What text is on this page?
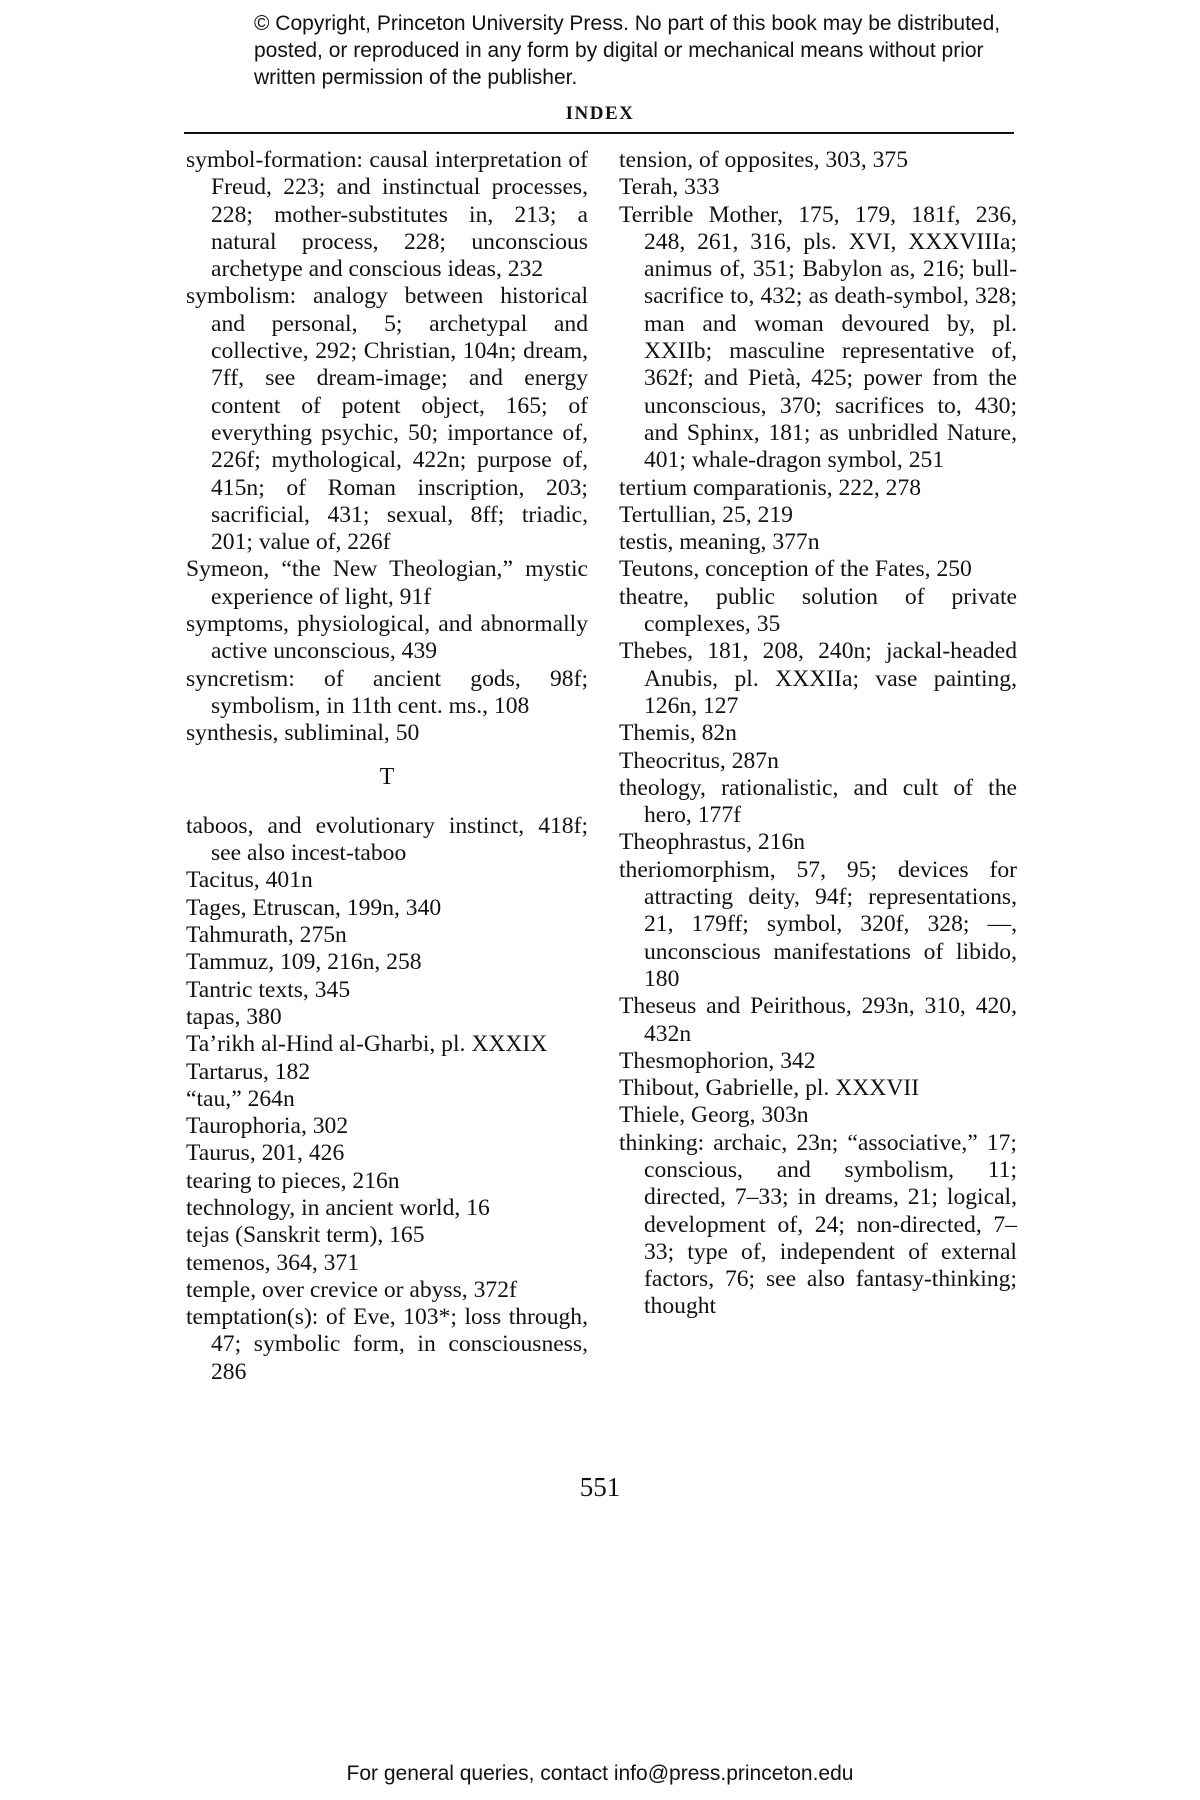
© Copyright, Princeton University Press. No part of this book may be distributed, posted, or reproduced in any form by digital or mechanical means without prior written permission of the publisher.
INDEX

symbol-formation: causal interpretation of Freud, 223; and instinctual processes, 228; mother-substitutes in, 213; a natural process, 228; unconscious archetype and conscious ideas, 232

symbolism: analogy between historical and personal, 5; archetypal and collective, 292; Christian, 104n; dream, 7ff, see dream-image; and energy content of potent object, 165; of everything psychic, 50; importance of, 226f; mythological, 422n; purpose of, 415n; of Roman inscription, 203; sacrificial, 431; sexual, 8ff; triadic, 201; value of, 226f

Symeon, “the New Theologian,” mystic experience of light, 91f

symptoms, physiological, and abnormally active unconscious, 439

syncretism: of ancient gods, 98f; symbolism, in 11th cent. ms., 108

synthesis, subliminal, 50

T

taboos, and evolutionary instinct, 418f; see also incest-taboo

Tacitus, 401n

Tages, Etruscan, 199n, 340

Tahmurath, 275n

Tammuz, 109, 216n, 258

Tantric texts, 345

tapas, 380

Ta’rikh al-Hind al-Gharbi, pl. XXXIX

Tartarus, 182

“tau,” 264n

Taurophoria, 302

Taurus, 201, 426

tearing to pieces, 216n

technology, in ancient world, 16

tejas (Sanskrit term), 165

temenos, 364, 371

temple, over crevice or abyss, 372f

temptation(s): of Eve, 103*; loss through, 47; symbolic form, in consciousness, 286

tension, of opposites, 303, 375

Terah, 333

Terrible Mother, 175, 179, 181f, 236, 248, 261, 316, pls. XVI, XXXVIIIa; animus of, 351; Babylon as, 216; bull-sacrifice to, 432; as death-symbol, 328; man and woman devoured by, pl. XXIIb; masculine representative of, 362f; and Pietà, 425; power from the unconscious, 370; sacrifices to, 430; and Sphinx, 181; as unbridled Nature, 401; whale-dragon symbol, 251

tertium comparationis, 222, 278

Tertullian, 25, 219

testis, meaning, 377n

Teutons, conception of the Fates, 250

theatre, public solution of private complexes, 35

Thebes, 181, 208, 240n; jackal-headed Anubis, pl. XXXIIa; vase painting, 126n, 127

Themis, 82n

Theocritus, 287n

theology, rationalistic, and cult of the hero, 177f

Theophrastus, 216n

theriomorphism, 57, 95; devices for attracting deity, 94f; representations, 21, 179ff; symbol, 320f, 328; —, unconscious manifestations of libido, 180

Theseus and Peirithous, 293n, 310, 420, 432n

Thesmophorion, 342

Thibout, Gabrielle, pl. XXXVII

Thiele, Georg, 303n

thinking: archaic, 23n; “associative,” 17; conscious, and symbolism, 11; directed, 7–33; in dreams, 21; logical, development of, 24; non-directed, 7–33; type of, independent of external factors, 76; see also fantasy-thinking; thought

551
For general queries, contact info@press.princeton.edu
